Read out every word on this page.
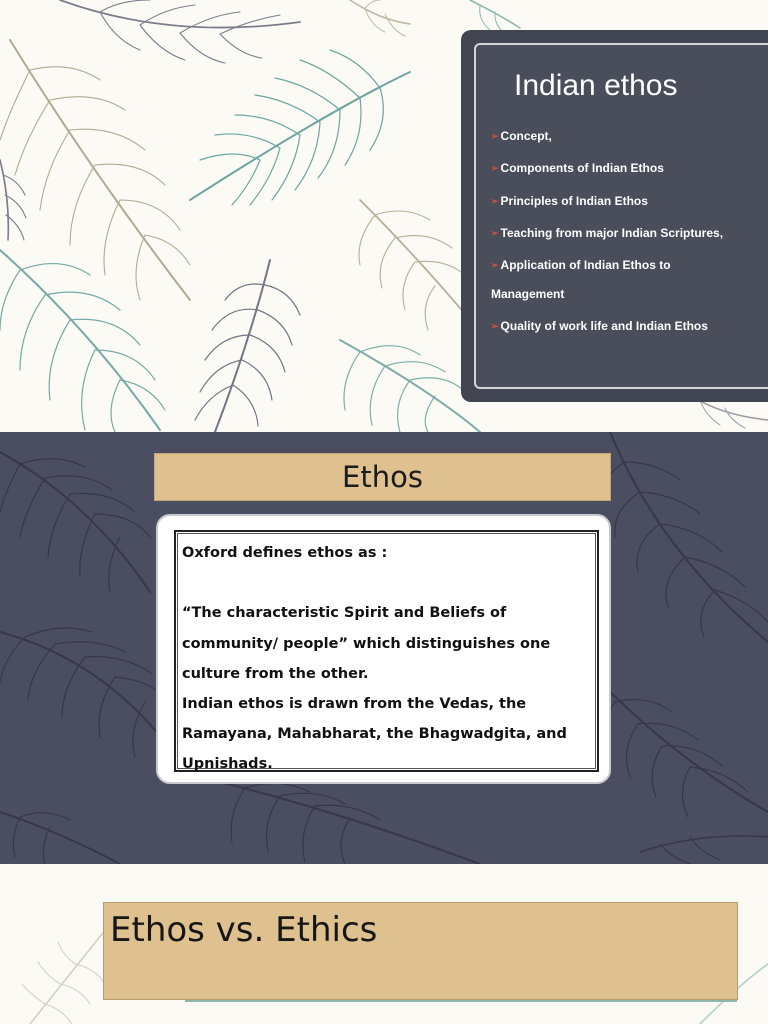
Indian ethos
➢ Concept,
➢ Components of Indian Ethos
➢ Principles of Indian Ethos
➢ Teaching from major Indian Scriptures,
➢ Application of Indian Ethos to
Management
➢ Quality of work life and Indian Ethos
Ethos

Oxford defines ethos as :

“The characteristic Spirit and Beliefs of

community/ people” which distinguishes one

culture from the other.

Indian ethos is drawn from the Vedas, the

Ramayana, Mahabharat, the Bhagwadgita, and

Upnishads.

Ethos vs. Ethics
